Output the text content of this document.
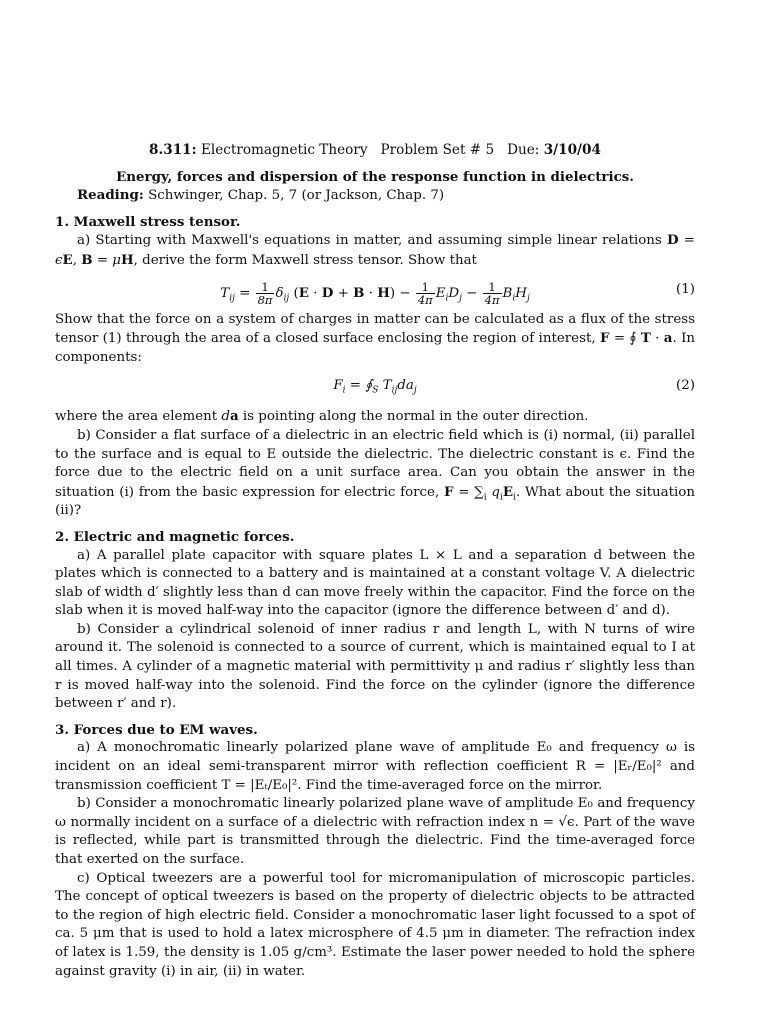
8.311: Electromagnetic Theory Problem Set # 5 Due: 3/10/04
Energy, forces and dispersion of the response function in dielectrics.
Reading: Schwinger, Chap. 5, 7 (or Jackson, Chap. 7)
1. Maxwell stress tensor.
a) Starting with Maxwell's equations in matter, and assuming simple linear relations D = ϵE, B = μH, derive the form Maxwell stress tensor. Show that
$T_{ij} = \frac{1}{8\pi} \delta_{ij}$ $(E \cdot D + B \cdot H) - \frac{1}{4\pi} E_iD_j - \frac{1}{4\pi} B_iH_j$
(1)
Show that the force on a system of charges in matter can be calculated as a flux of the stress tensor (1) through the area of a closed surface enclosing the region of interest, F = ∮ T · a. In components:
$F_i$ = $∮_S$ $T_{ij}da_j$	(2)
where the area element da is pointing along the normal in the outer direction.
b) Consider a flat surface of a dielectric in an electric field which is (i) normal, (ii) parallel to the surface and is equal to E outside the dielectric. The dielectric constant is ϵ. Find the force due to the electric field on a unit surface area. Can you obtain the answer in the situation (i) from the basic expression for electric force, $F = \sum_i$ $q_iE_i$. What about the situation (ii)?
2. Electric and magnetic forces.
a) A parallel plate capacitor with square plates L × L and a separation d between the plates which is connected to a battery and is maintained at a constant voltage V. A dielectric slab of width d′ slightly less than d can move freely within the capacitor. Find the force on the slab when it is moved half-way into the capacitor (ignore the difference between d′ and d).
b) Consider a cylindrical solenoid of inner radius r and length L, with N turns of wire around it. The solenoid is connected to a source of current, which is maintained equal to I at all times. A cylinder of a magnetic material with permittivity μ and radius r′ slightly less than r is moved half-way into the solenoid. Find the force on the cylinder (ignore the difference between r′ and r).
3. Forces due to EM waves.
a) A monochromatic linearly polarized plane wave of amplitude E₀ and frequency ω is incident on an ideal semi-transparent mirror with reflection coefficient R = |Eᵣ/E₀|² and transmission coefficient T = |Eₜ/E₀|². Find the time-averaged force on the mirror.
b) Consider a monochromatic linearly polarized plane wave of amplitude E₀ and frequency ω normally incident on a surface of a dielectric with refraction index n = √ϵ. Part of the wave is reflected, while part is transmitted through the dielectric. Find the time-averaged force that exerted on the surface.
c) Optical tweezers are a powerful tool for micromanipulation of microscopic particles. The concept of optical tweezers is based on the property of dielectric objects to be attracted to the region of high electric field. Consider a monochromatic laser light focussed to a spot of ca. 5 μm that is used to hold a latex microsphere of 4.5 μm in diameter. The refraction index of latex is 1.59, the density is 1.05 g/cm³. Estimate the laser power needed to hold the sphere against gravity (i) in air, (ii) in water.
